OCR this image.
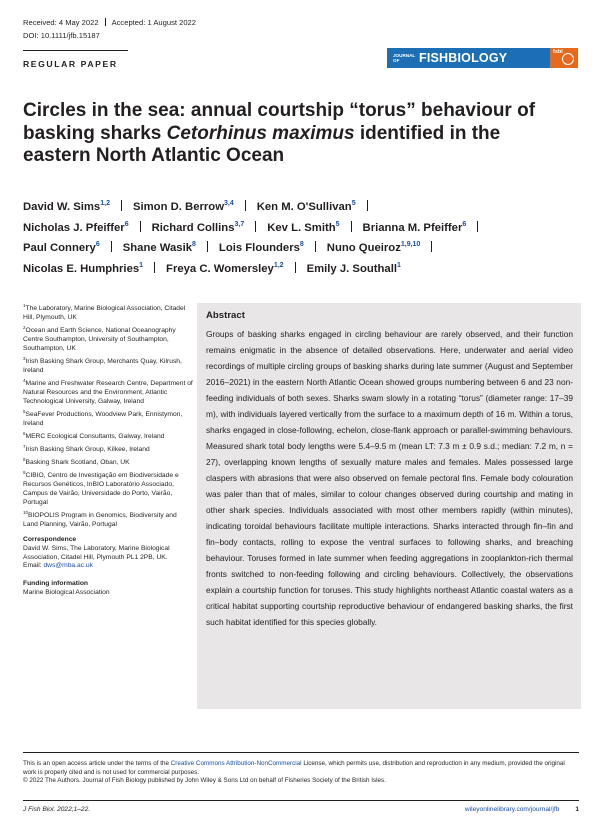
Received: 4 May 2022 Accepted: 1 August 2022
DOI: 10.1111/jfb.15187
REGULAR PAPER
JOURNAL OF	FISHBIOLOGY	fsbi
Circles in the sea: annual courtship “torus” behaviour of basking sharks Cetorhinus maximus identified in the eastern North Atlantic Ocean
David W. Sims$^{1,2}$ Simon D. Berrow$^{3,4}$ Ken M. O'Sullivan$^5$
Nicholas J. Pfeiffer$^6$ Richard Collins$^{3,7}$ Kev L. Smith$^5$ Brianna M. Pfeiffer$^6$
Paul Connery$^6$ Shane Wasik$^8$ Lois Flounders$^8$ Nuno Queiroz$^{1,9,10}$
Nicolas E. Humphries$^1$ Freya C. Womersley$^{1,2}$ Emily J. Southall$^1$

$^1$The Laboratory, Marine Biological Association, Citadel Hill, Plymouth, UK

$^2$Ocean and Earth Science, National Oceanography Centre Southampton, University of Southampton, Southampton, UK

$^3$Irish Basking Shark Group, Merchants Quay, Kilrush, Ireland

$^4$Marine and Freshwater Research Centre, Department of Natural Resources and the Environment, Atlantic Technological University, Galway, Ireland

$^5$SeaFever Productions, Woodview Park, Ennistymon, Ireland

$^6$MERC Ecological Consultants, Galway, Ireland

$^7$Irish Basking Shark Group, Kilkee, Ireland

$^8$Basking Shark Scotland, Oban, UK

$^9$CIBIO, Centro de Investigação em Biodiversidade e Recursos Genéticos, InBIO Laboratório Associado, Campus de Vairão, Universidade do Porto, Vairão, Portugal

$^{10}$BIOPOLIS Program in Genomics, Biodiversity and Land Planning, Vairão, Portugal

Correspondence
David W. Sims, The Laboratory, Marine Biological Association, Citadel Hill, Plymouth PL1 2PB, UK.
Email: dws@mba.ac.uk
Funding information
Marine Biological Association
Abstract
Groups of basking sharks engaged in circling behaviour are rarely observed, and their function remains enigmatic in the absence of detailed observations. Here, underwater and aerial video recordings of multiple circling groups of basking sharks during late summer (August and September 2016–2021) in the eastern North Atlantic Ocean showed groups numbering between 6 and 23 non-feeding individuals of both sexes. Sharks swam slowly in a rotating “torus” (diameter range: 17–39 m), with individuals layered vertically from the surface to a maximum depth of 16 m. Within a torus, sharks engaged in close-following, echelon, close-flank approach or parallel-swimming behaviours. Measured shark total body lengths were 5.4–9.5 m (mean LT: 7.3 m ± 0.9 s.d.; median: 7.2 m, n = 27), overlapping known lengths of sexually mature males and females. Males possessed large claspers with abrasions that were also observed on female pectoral fins. Female body colouration was paler than that of males, similar to colour changes observed during courtship and mating in other shark species. Individuals associated with most other members rapidly (within minutes), indicating toroidal behaviours facilitate multiple interactions. Sharks interacted through fin–fin and fin–body contacts, rolling to expose the ventral surfaces to following sharks, and breaching behaviour. Toruses formed in late summer when feeding aggregations in zooplankton-rich thermal fronts switched to non-feeding following and circling behaviours. Collectively, the observations explain a courtship function for toruses. This study highlights northeast Atlantic coastal waters as a critical habitat supporting courtship reproductive behaviour of endangered basking sharks, the first such habitat identified for this species globally.
This is an open access article under the terms of the Creative Commons Attribution-NonCommercial License, which permits use, distribution and reproduction in any medium, provided the original work is properly cited and is not used for commercial purposes.
© 2022 The Authors. Journal of Fish Biology published by John Wiley & Sons Ltd on behalf of Fisheries Society of the British Isles.
J Fish Biol. 2022;1–22.	wileyonlinelibrary.com/journal/jfb 1
